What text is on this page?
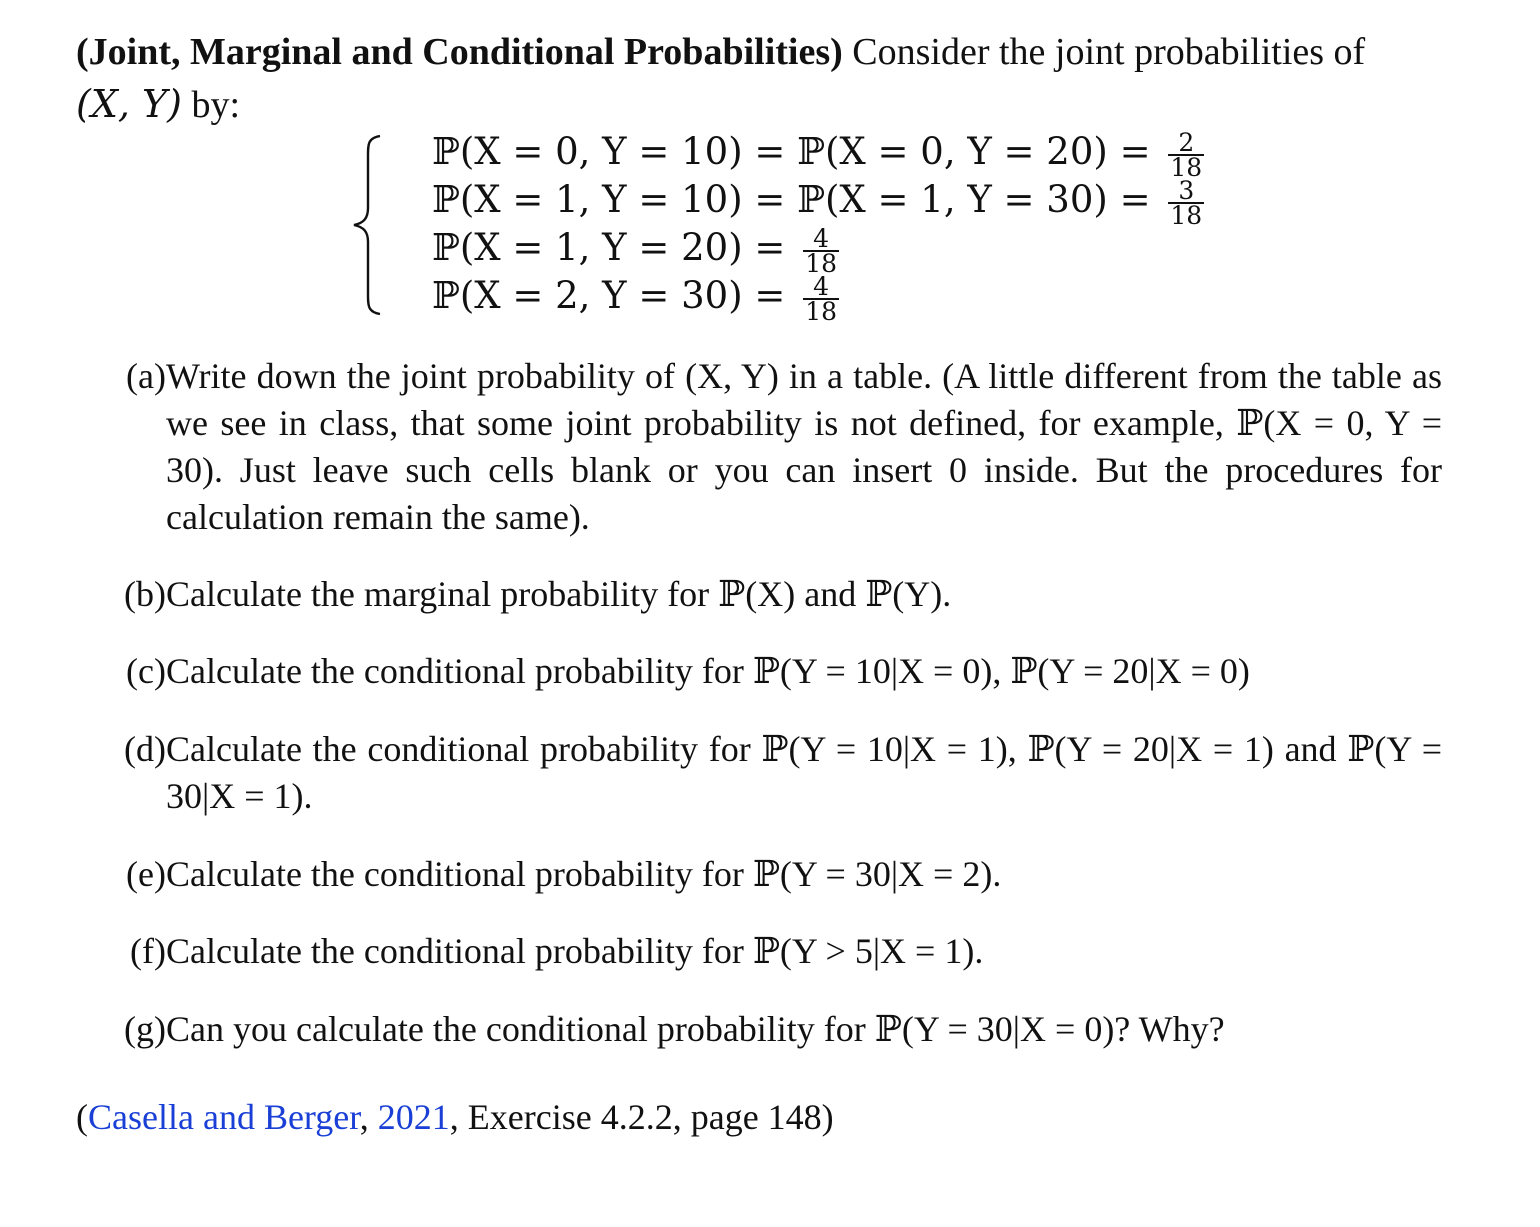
(Joint, Marginal and Conditional Probabilities) Consider the joint probabilities of
(X, Y) by:
ℙ(X = 0, Y = 10) = ℙ(X = 0, $Y = 20) = \frac{2}{18}$
ℙ(X = 1, Y = 10) = ℙ(X = 1, $Y = 30) = \frac{3}{18}$
ℙ(X = 1, $Y = 20) = \frac{4}{18}$
ℙ(X = 2, $Y = 30) = \frac{4}{18}$
(a) Write down the joint probability of (X, Y) in a table. (A little different from the table as we see in class, that some joint probability is not defined, for example, ℙ(X = 0, Y = 30). Just leave such cells blank or you can insert 0 inside. But the procedures for calculation remain the same).
(b) Calculate the marginal probability for ℙ(X) and ℙ(Y).
(c) Calculate the conditional probability for ℙ(Y = 10|X = 0), ℙ(Y = 20|X = 0)
(d) Calculate the conditional probability for ℙ(Y = 10|X = 1), ℙ(Y = 20|X = 1) and ℙ(Y = 30|X = 1).
(e) Calculate the conditional probability for ℙ(Y = 30|X = 2).
(f) Calculate the conditional probability for ℙ(Y > 5|X = 1).
(g) Can you calculate the conditional probability for ℙ(Y = 30|X = 0)? Why?
(Casella and Berger, 2021, Exercise 4.2.2, page 148)
